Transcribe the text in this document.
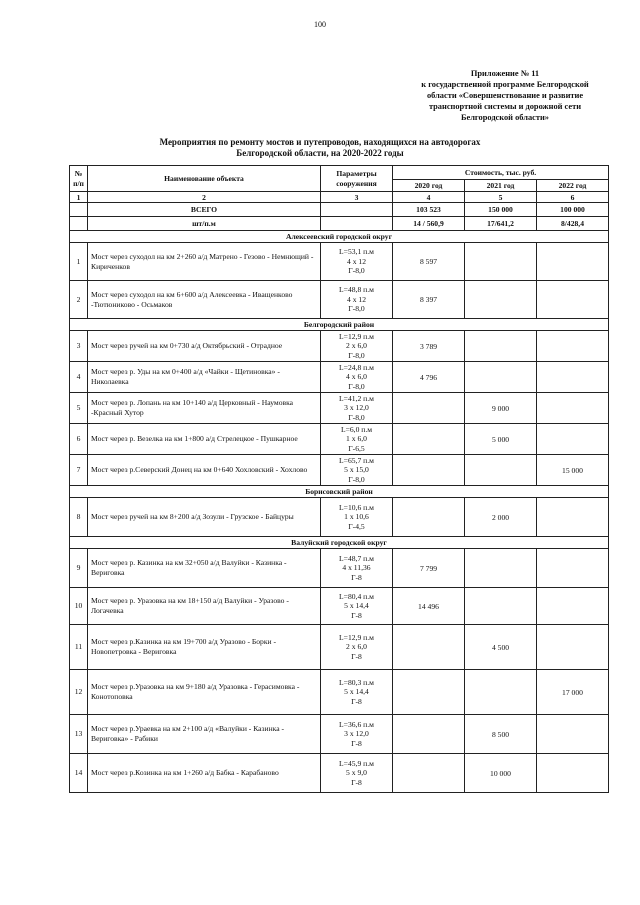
100
Приложение № 11
к государственной программе Белгородской
области «Совершенствование и развитие
транспортной системы и дорожной сети
Белгородской области»
Мероприятия по ремонту мостов и путепроводов, находящихся на автодорогах
Белгородской области, на 2020-2022 годы
№ п/п	Наименование объекта	Параметры сооружения	Стоимость, тыс. руб.		
			2020 год	2021 год	2022 год
1	2	3	4	5	6
	ВСЕГО		103 523	150 000	100 000
	шт/п.м		14 / 560,9	17/641,2	8/428,4
Алексеевский городской округ					
1	Мост через суходол на км 2+260 а/д Матрено - Гезово - Немнющий - Кириченков	L=53,1 п.м
4 х 12
Г-8,0	8 597		
2	Мост через суходол на км 6+600 а/д Алексеевка - Иващенково -Тютюниково - Осьмаков	L=48,8 п.м
4 х 12
Г-8,0	8 397		
Белгородский район					
3	Мост через ручей на км 0+730 а/д Октябрьский - Отрадное	L=12,9 п.м
2 х 6,0
Г-8,0	3 789		
4	Мост через р. Уды на км 0+400 а/д «Чайки - Щетиновка» - Николаевка	L=24,8 п.м
4 х 6,0
Г-8,0	4 796		
5	Мост через р. Лопань на км 10+140 а/д Церковный - Наумовка -Красный Хутор	L=41,2 п.м
3 х 12,0
Г-8,0		9 000	
6	Мост через р. Везелка на км 1+800 а/д Стрелецкое - Пушкарное	L=6,0 п.м
1 х 6,0
Г-6,5		5 000	
7	Мост через р.Северский Донец на км 0+640 Хохловский - Хохлово	L=65,7 п.м
5 х 15,0
Г-8,0			15 000
Борисовский район					
8	Мост через ручей на км 8+200 а/д Зозули - Грузское - Байцуры	L=10,6 п.м
1 х 10,6
Г-4,5		2 000	
Валуйский городской округ					
9	Мост через р. Казинка на км 32+050 а/д Валуйки - Казинка - Вериговка	L=48,7 п.м
4 х 11,36
Г-8	7 799		
10	Мост через р. Уразовка на км 18+150 а/д Валуйки - Уразово - Логачевка	L=80,4 п.м
5 х 14,4
Г-8	14 496		
11	Мост через р.Казинка на км 19+700 а/д Уразово - Борки - Новопетровка - Вериговка	L=12,9 п.м
2 х 6,0
Г-8		4 500	
12	Мост через р.Уразовка на км 9+180 а/д Уразовка - Герасимовка - Конотоповка	L=80,3 п.м
5 х 14,4
Г-8			17 000
13	Мост через р.Ураевка на км 2+100 а/д «Валуйки - Казинка - Вериговка» - Рабики	L=36,6 п.м
3 х 12,0
Г-8		8 500	
14	Мост через р.Козинка на км 1+260 а/д Бабка - Карабаново	L=45,9 п.м
5 х 9,0
Г-8		10 000	
